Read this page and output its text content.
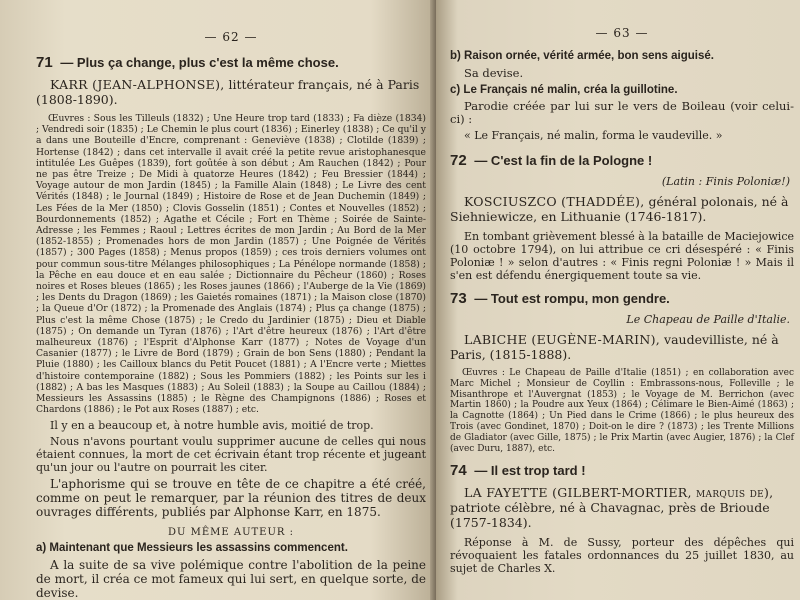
— 62 —
71 — Plus ça change, plus c'est la même chose.
KARR (JEAN-ALPHONSE), littérateur français, né à Paris (1808-1890).
Œuvres : Sous les Tilleuls (1832) ; Une Heure trop tard (1833) ; Fa dièze (1834) ; Vendredi soir (1835) ; Le Chemin le plus court (1836) ; Einerley (1838) ; Ce qu'il y a dans une Bouteille d'Encre, comprenant : Geneviève (1838) ; Clotilde (1839) ; Hortense (1842) ; dans cet intervalle il avait créé la petite revue aristophanesque intitulée Les Guêpes (1839), fort goûtée à son début ; Am Rauchen (1842) ; Pour ne pas être Treize ; De Midi à quatorze Heures (1842) ; Feu Bressier (1844) ; Voyage autour de mon Jardin (1845) ; la Famille Alain (1848) ; Le Livre des cent Vérités (1848) ; le Journal (1849) ; Histoire de Rose et de Jean Duchemin (1849) ; Les Fées de la Mer (1850) ; Clovis Gosselin (1851) ; Contes et Nouvelles (1852) ; Bourdonnements (1852) ; Agathe et Cécile ; Fort en Thème ; Soirée de Sainte-Adresse ; les Femmes ; Raoul ; Lettres écrites de mon Jardin ; Au Bord de la Mer (1852-1855) ; Promenades hors de mon Jardin (1857) ; Une Poignée de Vérités (1857) ; 300 Pages (1858) ; Menus propos (1859) ; ces trois derniers volumes ont pour commun sous-titre Mélanges philosophiques ; La Pénélope normande (1858) ; la Pêche en eau douce et en eau salée ; Dictionnaire du Pêcheur (1860) ; Roses noires et Roses bleues (1865) ; les Roses jaunes (1866) ; l'Auberge de la Vie (1869) ; les Dents du Dragon (1869) ; les Gaietés romaines (1871) ; la Maison close (1870) ; la Queue d'Or (1872) ; la Promenade des Anglais (1874) ; Plus ça change (1875) ; Plus c'est la même Chose (1875) ; le Credo du Jardinier (1875) ; Dieu et Diable (1875) ; On demande un Tyran (1876) ; l'Art d'être heureux (1876) ; l'Art d'être malheureux (1876) ; l'Esprit d'Alphonse Karr (1877) ; Notes de Voyage d'un Casanier (1877) ; le Livre de Bord (1879) ; Grain de bon Sens (1880) ; Pendant la Pluie (1880) ; les Cailloux blancs du Petit Poucet (1881) ; A l'Encre verte ; Miettes d'histoire contemporaine (1882) ; Sous les Pommiers (1882) ; les Points sur les i (1882) ; A bas les Masques (1883) ; Au Soleil (1883) ; la Soupe au Caillou (1884) ; Messieurs les Assassins (1885) ; le Règne des Champignons (1886) ; Roses et Chardons (1886) ; le Pot aux Roses (1887) ; etc.
Il y en a beaucoup et, à notre humble avis, moitié de trop.
Nous n'avons pourtant voulu supprimer aucune de celles qui nous étaient connues, la mort de cet écrivain étant trop récente et jugeant qu'un jour ou l'autre on pourrait les citer.
L'aphorisme qui se trouve en tête de ce chapitre a été créé, comme on peut le remarquer, par la réunion des titres de deux ouvrages différents, publiés par Alphonse Karr, en 1875.
DU MÊME AUTEUR :
a) Maintenant que Messieurs les assassins commencent.
A la suite de sa vive polémique contre l'abolition de la peine de mort, il créa ce mot fameux qui lui sert, en quelque sorte, de devise.
— 63 —
b) Raison ornée, vérité armée, bon sens aiguisé.
Sa devise.
c) Le Français né malin, créa la guillotine.
Parodie créée par lui sur le vers de Boileau (voir celui-ci) :
« Le Français, né malin, forma le vaudeville. »
72 — C'est la fin de la Pologne !
(Latin : Finis Poloniæ!)
KOSCIUSZCO (THADDÉE), général polonais, né à Siehniewicze, en Lithuanie (1746-1817).
En tombant grièvement blessé à la bataille de Maciejowice (10 octobre 1794), on lui attribue ce cri désespéré : « Finis Poloniæ ! » selon d'autres : « Finis regni Poloniæ ! » Mais il s'en est défendu énergiquement toute sa vie.
73 — Tout est rompu, mon gendre.
Le Chapeau de Paille d'Italie.
LABICHE (EUGÈNE-MARIN), vaudevilliste, né à Paris, (1815-1888).
Œuvres : Le Chapeau de Paille d'Italie (1851) ; en collaboration avec Marc Michel ; Monsieur de Coyllin : Embrassons-nous, Folleville ; le Misanthrope et l'Auvergnat (1853) ; le Voyage de M. Berrichon (avec Martin 1860) ; la Poudre aux Yeux (1864) ; Célimare le Bien-Aimé (1863) ; la Cagnotte (1864) ; Un Pied dans le Crime (1866) ; le plus heureux des Trois (avec Gondinet, 1870) ; Doit-on le dire ? (1873) ; les Trente Millions de Gladiator (avec Gille, 1875) ; le Prix Martin (avec Augier, 1876) ; la Clef (avec Duru, 1887), etc.
74 — Il est trop tard !
LA FAYETTE (GILBERT-MORTIER, marquis de), patriote célèbre, né à Chavagnac, près de Brioude (1757-1834).
Réponse à M. de Sussy, porteur des dépêches qui révoquaient les fatales ordonnances du 25 juillet 1830, au sujet de Charles X.
